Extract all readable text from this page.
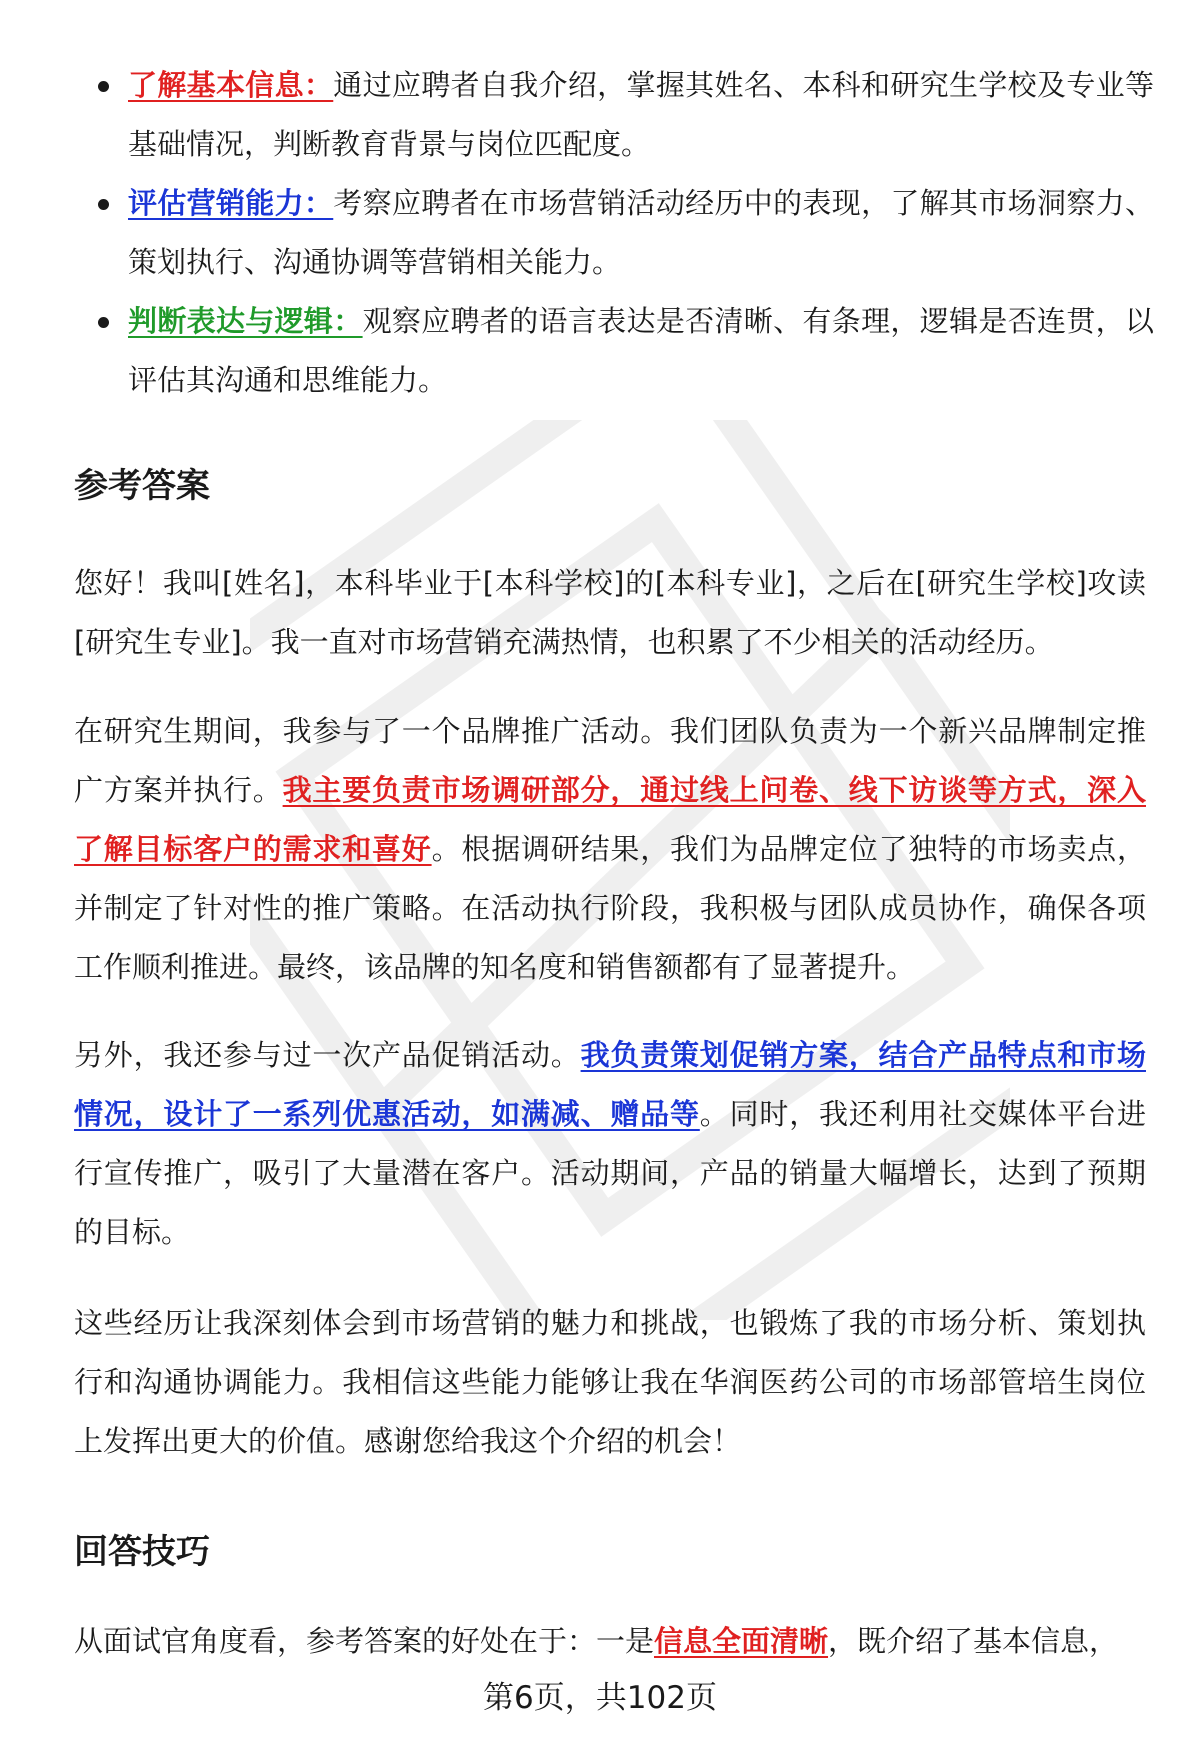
了解基本信息：通过应聘者自我介绍，掌握其姓名、本科和研究生学校及专业等基础情况，判断教育背景与岗位匹配度。
评估营销能力：考察应聘者在市场营销活动经历中的表现，了解其市场洞察力、策划执行、沟通协调等营销相关能力。
判断表达与逻辑：观察应聘者的语言表达是否清晰、有条理，逻辑是否连贯，以评估其沟通和思维能力。
参考答案

您好！我叫[姓名]，本科毕业于[本科学校]的[本科专业]，之后在[研究生学校]攻读[研究生专业]。我一直对市场营销充满热情，也积累了不少相关的活动经历。

在研究生期间，我参与了一个品牌推广活动。我们团队负责为一个新兴品牌制定推广方案并执行。我主要负责市场调研部分，通过线上问卷、线下访谈等方式，深入了解目标客户的需求和喜好。根据调研结果，我们为品牌定位了独特的市场卖点，并制定了针对性的推广策略。在活动执行阶段，我积极与团队成员协作，确保各项工作顺利推进。最终，该品牌的知名度和销售额都有了显著提升。

另外，我还参与过一次产品促销活动。我负责策划促销方案，结合产品特点和市场情况，设计了一系列优惠活动，如满减、赠品等。同时，我还利用社交媒体平台进行宣传推广，吸引了大量潜在客户。活动期间，产品的销量大幅增长，达到了预期的目标。

这些经历让我深刻体会到市场营销的魅力和挑战，也锻炼了我的市场分析、策划执行和沟通协调能力。我相信这些能力能够让我在华润医药公司的市场部管培生岗位上发挥出更大的价值。感谢您给我这个介绍的机会！

回答技巧

从面试官角度看，参考答案的好处在于：一是信息全面清晰，既介绍了基本信息，

第6页，共102页
